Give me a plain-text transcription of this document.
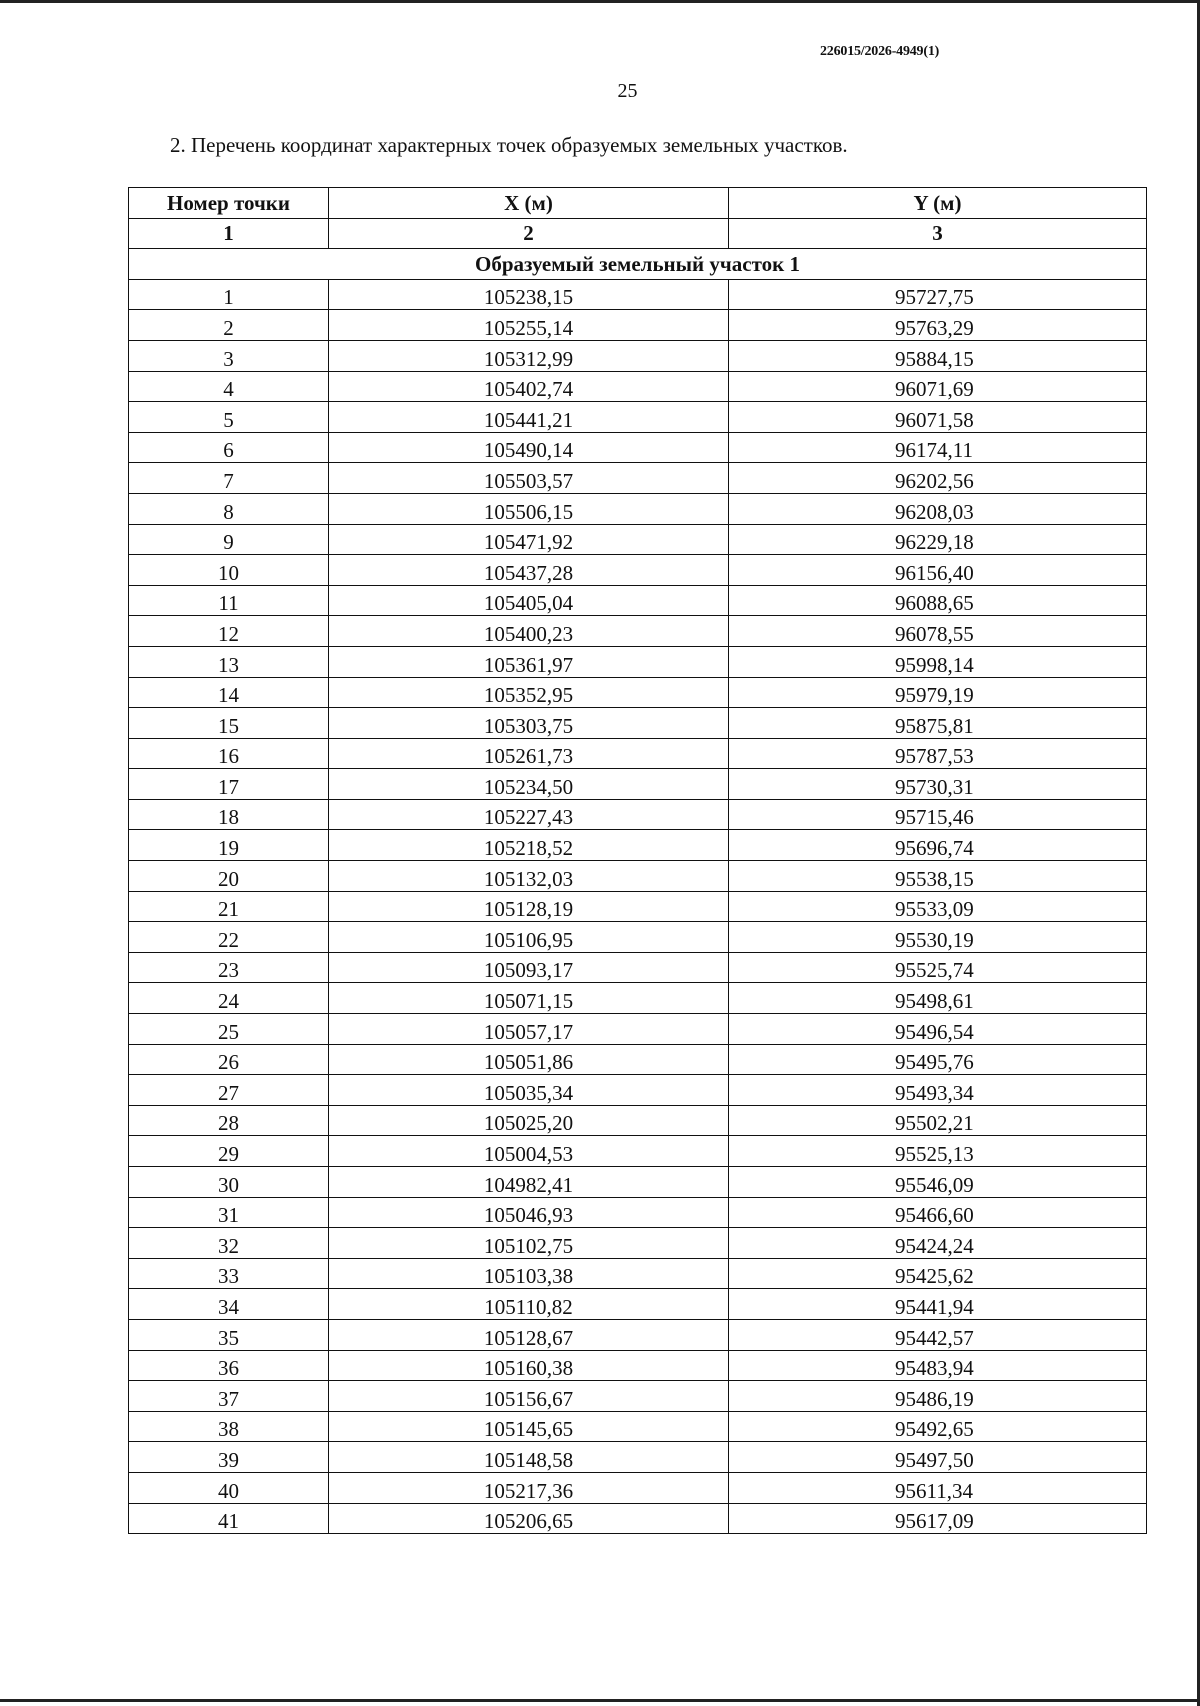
226015/2026-4949(1)
25
2. Перечень координат характерных точек образуемых земельных участков.
Номер точки	X (м)	Y (м)
1	2	3
Образуемый земельный участок 1		
1	105238,15	95727,75
2	105255,14	95763,29
3	105312,99	95884,15
4	105402,74	96071,69
5	105441,21	96071,58
6	105490,14	96174,11
7	105503,57	96202,56
8	105506,15	96208,03
9	105471,92	96229,18
10	105437,28	96156,40
11	105405,04	96088,65
12	105400,23	96078,55
13	105361,97	95998,14
14	105352,95	95979,19
15	105303,75	95875,81
16	105261,73	95787,53
17	105234,50	95730,31
18	105227,43	95715,46
19	105218,52	95696,74
20	105132,03	95538,15
21	105128,19	95533,09
22	105106,95	95530,19
23	105093,17	95525,74
24	105071,15	95498,61
25	105057,17	95496,54
26	105051,86	95495,76
27	105035,34	95493,34
28	105025,20	95502,21
29	105004,53	95525,13
30	104982,41	95546,09
31	105046,93	95466,60
32	105102,75	95424,24
33	105103,38	95425,62
34	105110,82	95441,94
35	105128,67	95442,57
36	105160,38	95483,94
37	105156,67	95486,19
38	105145,65	95492,65
39	105148,58	95497,50
40	105217,36	95611,34
41	105206,65	95617,09
